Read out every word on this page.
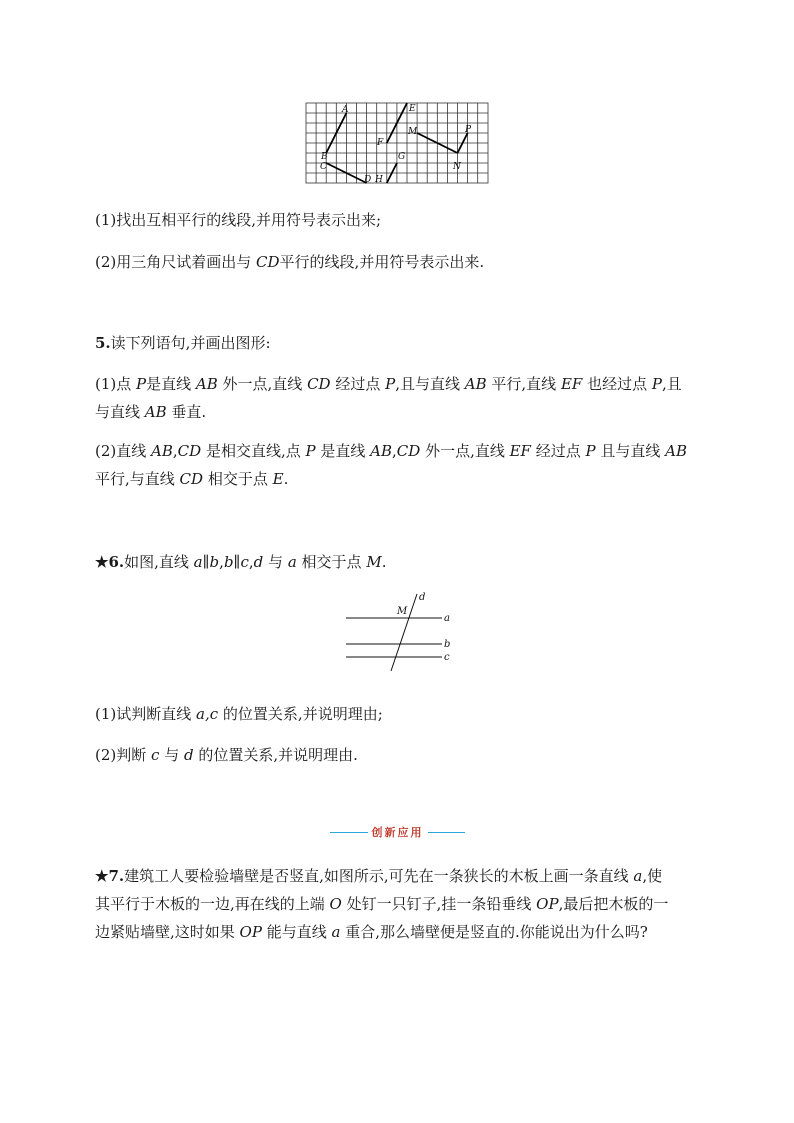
A
B
C
D H
E
F
G
M
N
P
(1)找出互相平行的线段,并用符号表示出来;
(2)用三角尺试着画出与 CD平行的线段,并用符号表示出来.
5.读下列语句,并画出图形:
(1)点 P是直线 AB 外一点,直线 CD 经过点 P,且与直线 AB 平行,直线 EF 也经过点 P,且
与直线 AB 垂直.
(2)直线 AB,CD 是相交直线,点 P 是直线 AB,CD 外一点,直线 EF 经过点 P 且与直线 AB
平行,与直线 CD 相交于点 E.
★6.如图,直线 a∥b,b∥c,d 与 a 相交于点 M.
M
d
a
b
c
(1)试判断直线 a,c 的位置关系,并说明理由;
(2)判断 c 与 d 的位置关系,并说明理由.
创新应用
★7.建筑工人要检验墙壁是否竖直,如图所示,可先在一条狭长的木板上画一条直线 a,使
其平行于木板的一边,再在线的上端 O 处钉一只钉子,挂一条铅垂线 OP,最后把木板的一
边紧贴墙壁,这时如果 OP 能与直线 a 重合,那么墙壁便是竖直的.你能说出为什么吗?
